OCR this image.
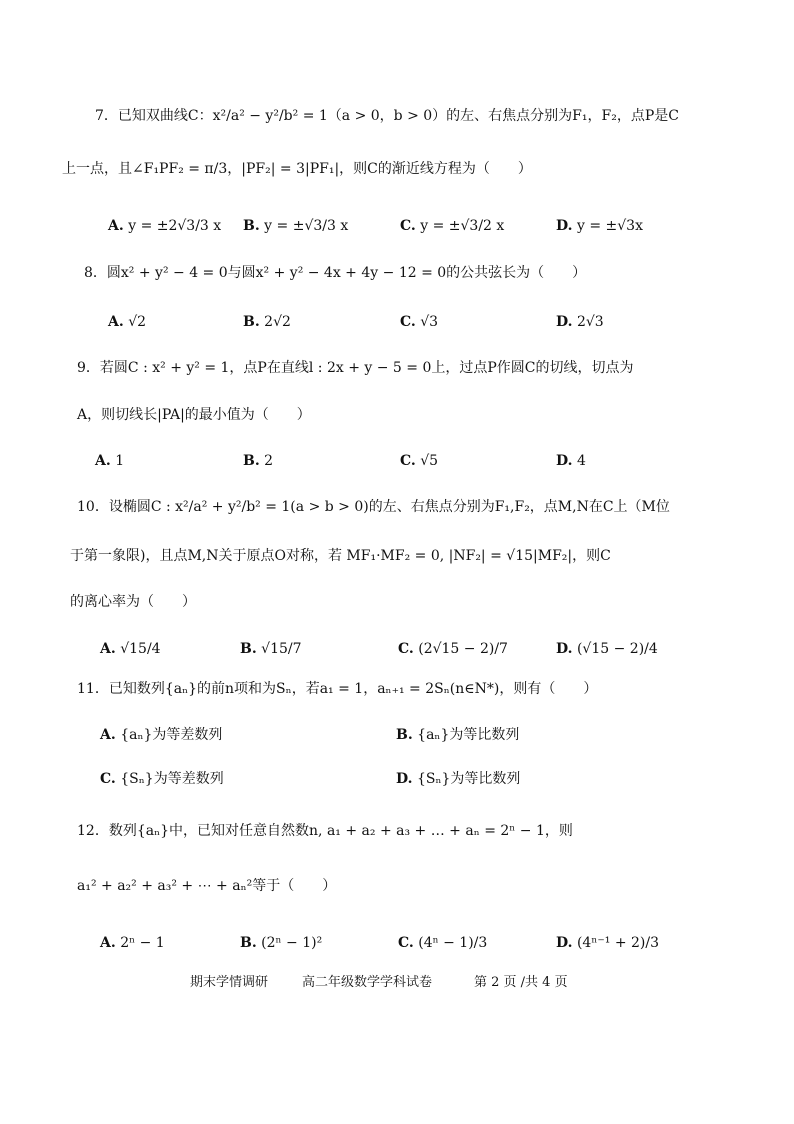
7．已知双曲线C：x²/a² − y²/b² = 1（a > 0，b > 0）的左、右焦点分别为F₁，F₂，点P是C
上一点，且∠F₁PF₂ = π/3，|PF₂| = 3|PF₁|，则C的渐近线方程为（　　）
A. y = ±2√3/3 x B. y = ±√3/3 x	C. y = ±√3/2 x	D. y = ±√3x
8．圆x² + y² − 4 = 0与圆x² + y² − 4x + 4y − 12 = 0的公共弦长为（　　）
A. √2	B. 2√2	C. √3	D. 2√3
9．若圆C : x² + y² = 1，点P在直线l : 2x + y − 5 = 0上，过点P作圆C的切线，切点为
A，则切线长|PA|的最小值为（　　）
A. 1	B. 2	C. √5	D. 4
10．设椭圆C : x²/a² + y²/b² = 1(a > b > 0)的左、右焦点分别为F₁,F₂，点M,N在C上（M位
于第一象限)，且点M,N关于原点O对称，若 MF₁·MF₂ = 0, |NF₂| = √15|MF₂|，则C
的离心率为（　　）
A. √15/4	B. √15/7	C. (2√15 − 2)/7	D. (√15 − 2)/4
11．已知数列{aₙ}的前n项和为Sₙ，若a₁ = 1，aₙ₊₁ = 2Sₙ(n∈N*)，则有（　　）
A. {aₙ}为等差数列	B. {aₙ}为等比数列
C. {Sₙ}为等差数列	D. {Sₙ}为等比数列
12．数列{aₙ}中，已知对任意自然数n, a₁ + a₂ + a₃ + … + aₙ = 2ⁿ − 1，则
a₁² + a₂² + a₃² + ⋯ + aₙ²等于（　　）
A. 2ⁿ − 1	B. (2ⁿ − 1)²	C. (4ⁿ − 1)/3	D. (4ⁿ⁻¹ + 2)/3
期末学情调研	高二年级数学学科试卷	第 2 页 /共 4 页
